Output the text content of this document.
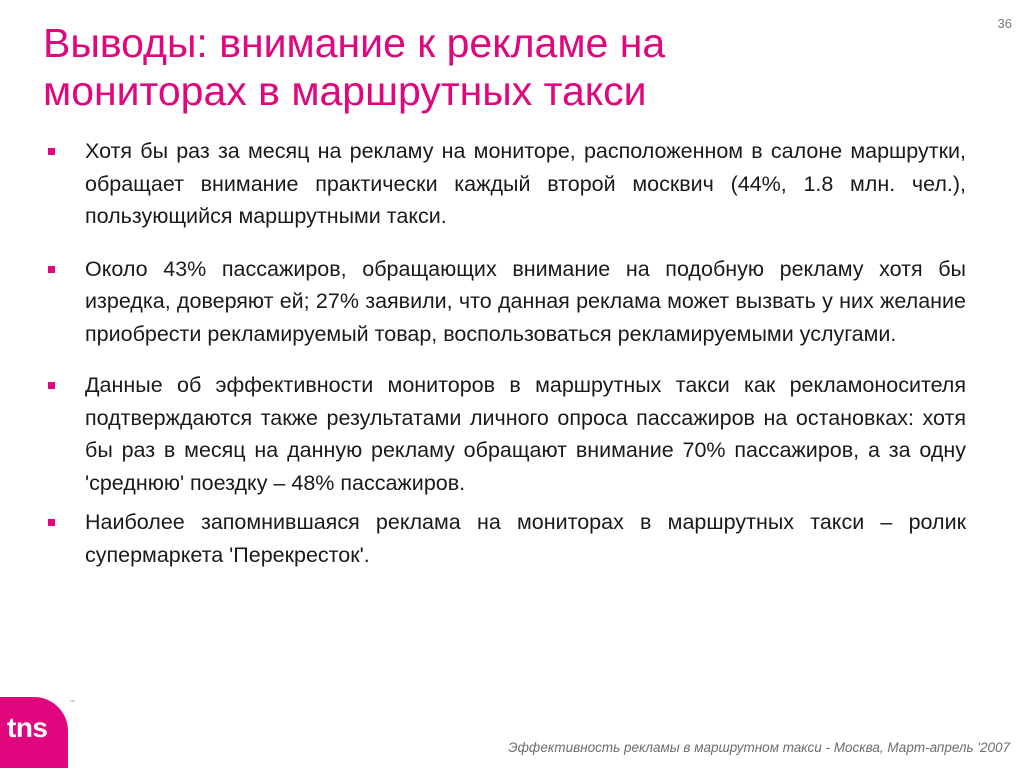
36
Выводы: внимание к рекламе на
мониторах в маршрутных такси
Хотя бы раз за месяц на рекламу на мониторе, расположенном в салоне маршрутки, обращает внимание практически каждый второй москвич (44%, 1.8 млн. чел.), пользующийся маршрутными такси.
Около 43% пассажиров, обращающих внимание на подобную рекламу хотя бы изредка, доверяют ей; 27% заявили, что данная реклама может вызвать у них желание приобрести рекламируемый товар, воспользоваться рекламируемыми услугами.
Данные об эффективности мониторов в маршрутных такси как рекламоносителя подтверждаются также результатами личного опроса пассажиров на остановках: хотя бы раз в месяц на данную рекламу обращают внимание 70% пассажиров, а за одну 'среднюю' поездку – 48% пассажиров.
Наиболее запомнившаяся реклама на мониторах в маршрутных такси – ролик супермаркета 'Перекресток'.
tns
™
Эффективность рекламы в маршрутном такси - Москва, Март-апрель '2007
